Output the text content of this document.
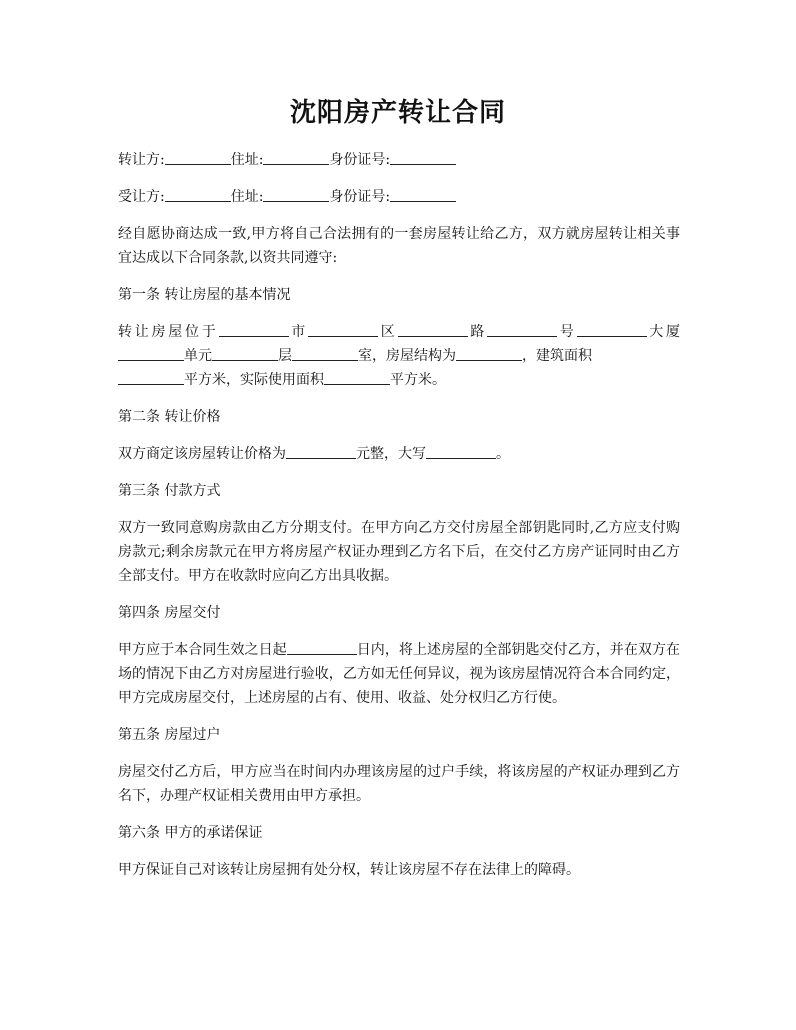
沈阳房产转让合同

转让方:	住址:	身份证号:

受让方:	住址:	身份证号:

经自愿协商达成一致,甲方将自己合法拥有的一套房屋转让给乙方，双方就房屋转让相关事宜达成以下合同条款,以资共同遵守:

第一条 转让房屋的基本情况

转让房屋位于	市	区	路	号	大厦单元	层	室，房屋结构为	，建筑面积
平方米，实际使用面积	平方米。

第二条 转让价格

双方商定该房屋转让价格为	元整，大写	。

第三条 付款方式

双方一致同意购房款由乙方分期支付。在甲方向乙方交付房屋全部钥匙同时,乙方应支付购房款元;剩余房款元在甲方将房屋产权证办理到乙方名下后，在交付乙方房产证同时由乙方全部支付。甲方在收款时应向乙方出具收据。

第四条 房屋交付

甲方应于本合同生效之日起	日内，将上述房屋的全部钥匙交付乙方，并在双方在场的情况下由乙方对房屋进行验收，乙方如无任何异议，视为该房屋情况符合本合同约定，甲方完成房屋交付，上述房屋的占有、使用、收益、处分权归乙方行使。

第五条 房屋过户

房屋交付乙方后，甲方应当在时间内办理该房屋的过户手续，将该房屋的产权证办理到乙方名下，办理产权证相关费用由甲方承担。

第六条 甲方的承诺保证

甲方保证自己对该转让房屋拥有处分权，转让该房屋不存在法律上的障碍。
